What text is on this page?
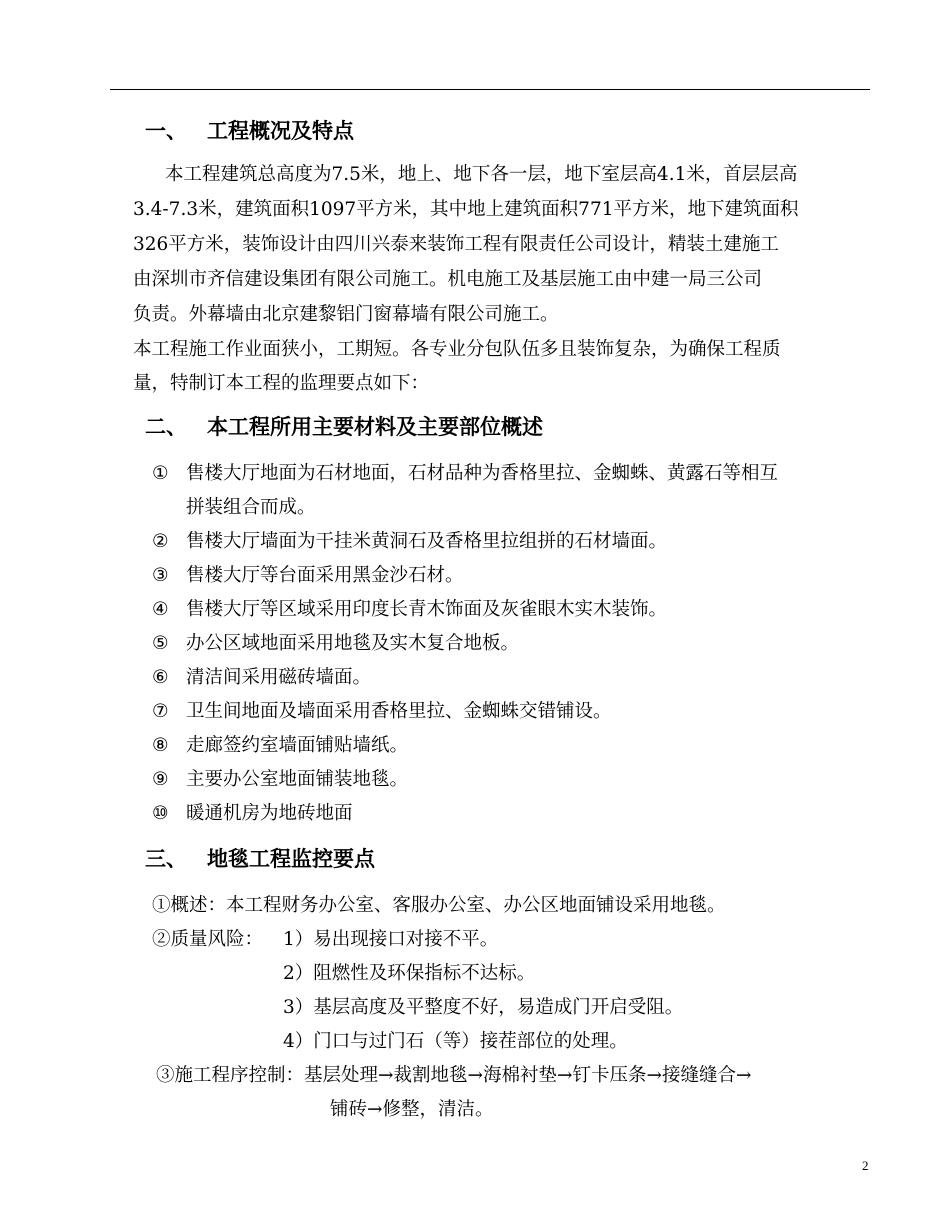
一、 工程概况及特点
本工程建筑总高度为7.5米，地上、地下各一层，地下室层高4.1米，首层层高
3.4-7.3米，建筑面积1097平方米，其中地上建筑面积771平方米，地下建筑面积
326平方米，装饰设计由四川兴泰来装饰工程有限责任公司设计，精装土建施工
由深圳市齐信建设集团有限公司施工。机电施工及基层施工由中建一局三公司
负责。外幕墙由北京建黎铝门窗幕墙有限公司施工。
本工程施工作业面狭小，工期短。各专业分包队伍多且装饰复杂，为确保工程质
量，特制订本工程的监理要点如下：
二、 本工程所用主要材料及主要部位概述
① 售楼大厅地面为石材地面，石材品种为香格里拉、金蜘蛛、黄露石等相互
拼装组合而成。
② 售楼大厅墙面为干挂米黄洞石及香格里拉组拼的石材墙面。
③ 售楼大厅等台面采用黑金沙石材。
④ 售楼大厅等区域采用印度长青木饰面及灰雀眼木实木装饰。
⑤ 办公区域地面采用地毯及实木复合地板。
⑥ 清洁间采用磁砖墙面。
⑦ 卫生间地面及墙面采用香格里拉、金蜘蛛交错铺设。
⑧ 走廊签约室墙面铺贴墙纸。
⑨ 主要办公室地面铺装地毯。
⑩ 暖通机房为地砖地面
三、 地毯工程监控要点
①概述：本工程财务办公室、客服办公室、办公区地面铺设采用地毯。
②质量风险： 1）易出现接口对接不平。
2）阻燃性及环保指标不达标。
3）基层高度及平整度不好，易造成门开启受阻。
4）门口与过门石（等）接茬部位的处理。
③施工程序控制：基层处理→裁割地毯→海棉衬垫→钉卡压条→接缝缝合→
铺砖→修整，清洁。
2
